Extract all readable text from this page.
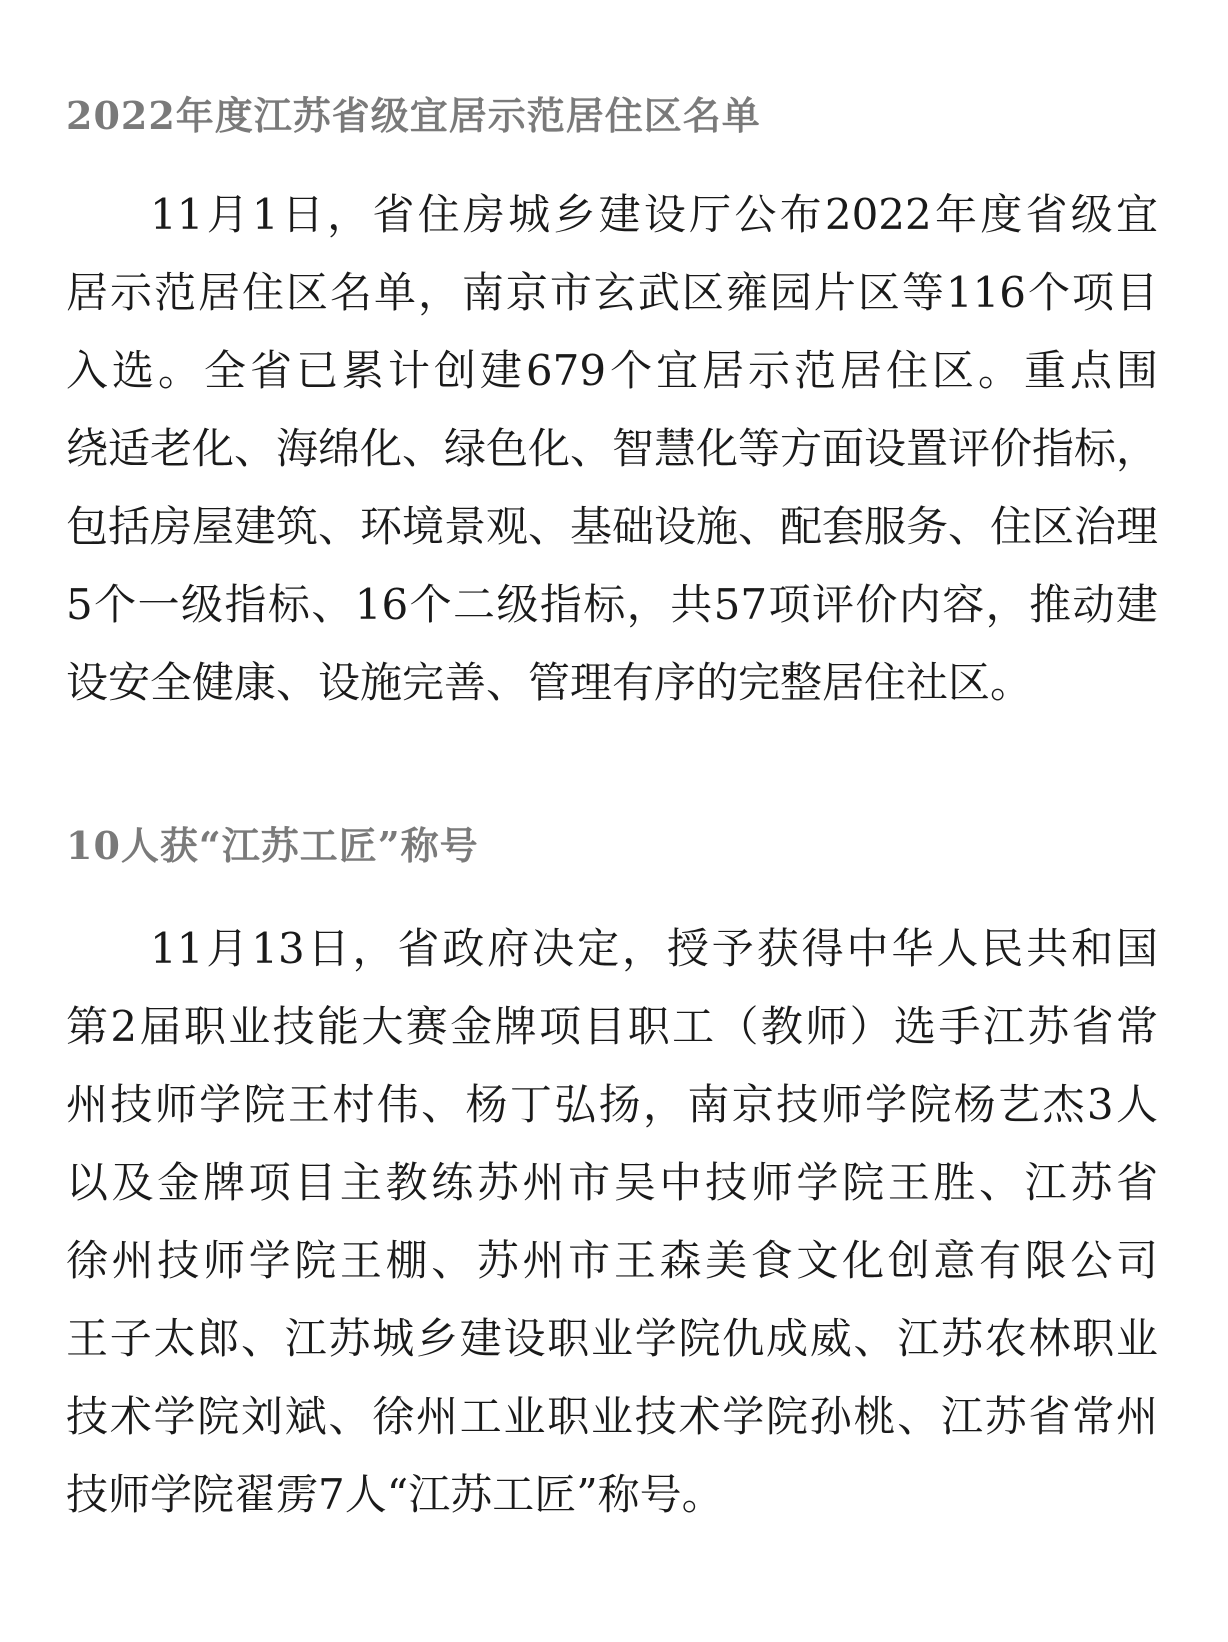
2022年度江苏省级宜居示范居住区名单
11月1日，省住房城乡建设厅公布2022年度省级宜
居示范居住区名单，南京市玄武区雍园片区等116个项目
入选。全省已累计创建679个宜居示范居住区。重点围
绕适老化、海绵化、绿色化、智慧化等方面设置评价指标，
包括房屋建筑、环境景观、基础设施、配套服务、住区治理
5个一级指标、16个二级指标，共57项评价内容，推动建
设安全健康、设施完善、管理有序的完整居住社区。
10人获“江苏工匠”称号
11月13日，省政府决定，授予获得中华人民共和国
第2届职业技能大赛金牌项目职工（教师）选手江苏省常
州技师学院王村伟、杨丁弘扬，南京技师学院杨艺杰3人
以及金牌项目主教练苏州市吴中技师学院王胜、江苏省
徐州技师学院王棚、苏州市王森美食文化创意有限公司
王子太郎、江苏城乡建设职业学院仇成威、江苏农林职业
技术学院刘斌、徐州工业职业技术学院孙桃、江苏省常州
技师学院翟雳7人“江苏工匠”称号。
